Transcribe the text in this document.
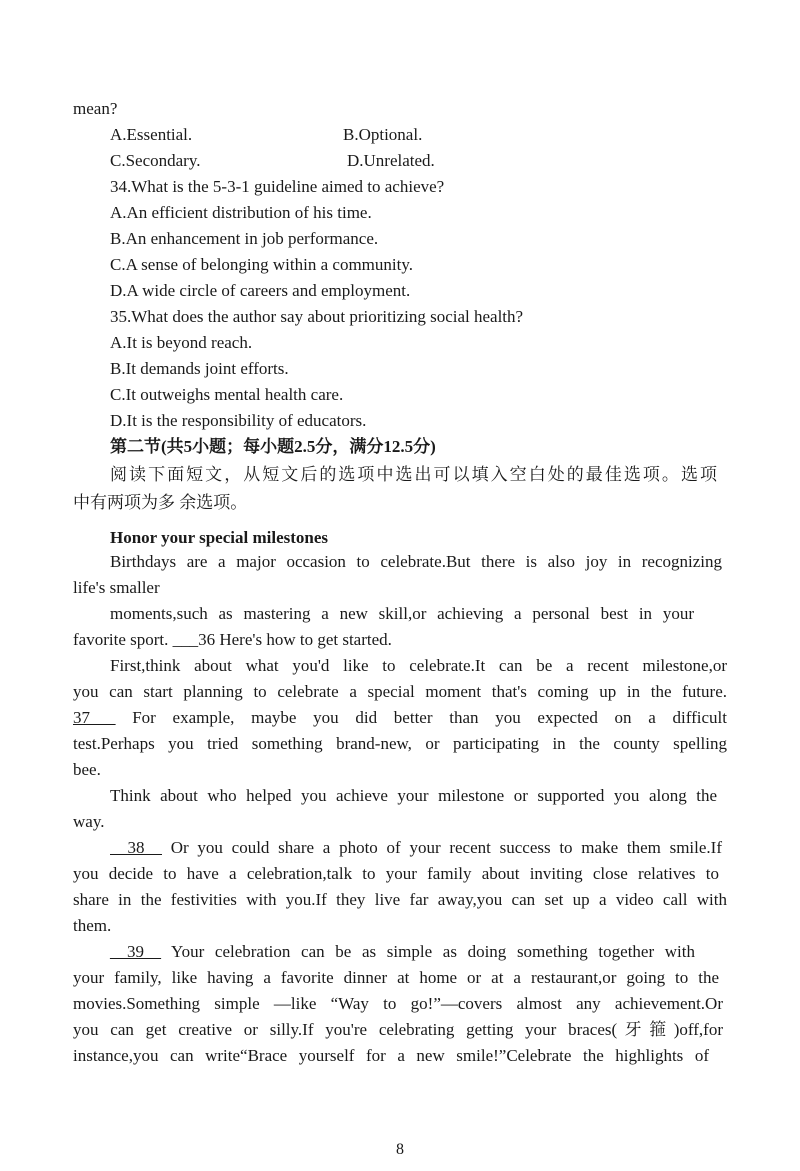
mean?
A.Essential.	B.Optional.
C.Secondary.	D.Unrelated.
34.What is the 5-3-1 guideline aimed to achieve?
A.An efficient distribution of his time.
B.An enhancement in job performance.
C.A sense of belonging within a community.
D.A wide circle of careers and employment.
35.What does the author say about prioritizing social health?
A.It is beyond reach.
B.It demands joint efforts.
C.It outweighs mental health care.
D.It is the responsibility of educators.
第二节(共5小题；每小题2.5分，满分12.5分)
阅读下面短文，从短文后的选项中选出可以填入空白处的最佳选项。选项
中有两项为多 余选项。
Honor your special milestones
Birthdays are a major occasion to celebrate.But there is also joy in recognizing
life's smaller
moments,such as mastering a new skill,or achieving a personal best in your
favorite sport. ___36 Here's how to get started.
First,think about what you'd like to celebrate.It can be a recent milestone,or
you can start planning to celebrate a special moment that's coming up in the future.
37___ For example, maybe you did better than you expected on a difficult
test.Perhaps you tried something brand-new, or participating in the county spelling
bee.
Think about who helped you achieve your milestone or supported you along the
way.
38   Or you could share a photo of your recent success to make them smile.If
you decide to have a celebration,talk to your family about inviting close relatives to
share in the festivities with you.If they live far away,you can set up a video call with
them.
__39__ Your celebration can be as simple as doing something together with
your family, like having a favorite dinner at home or at a restaurant,or going to the
movies.Something simple —like “Way to go!”—covers almost any achievement.Or
you can get creative or silly.If you're celebrating getting your braces(牙箍)off,for
instance,you can write“Brace yourself for a new smile!”Celebrate the highlights of
8
